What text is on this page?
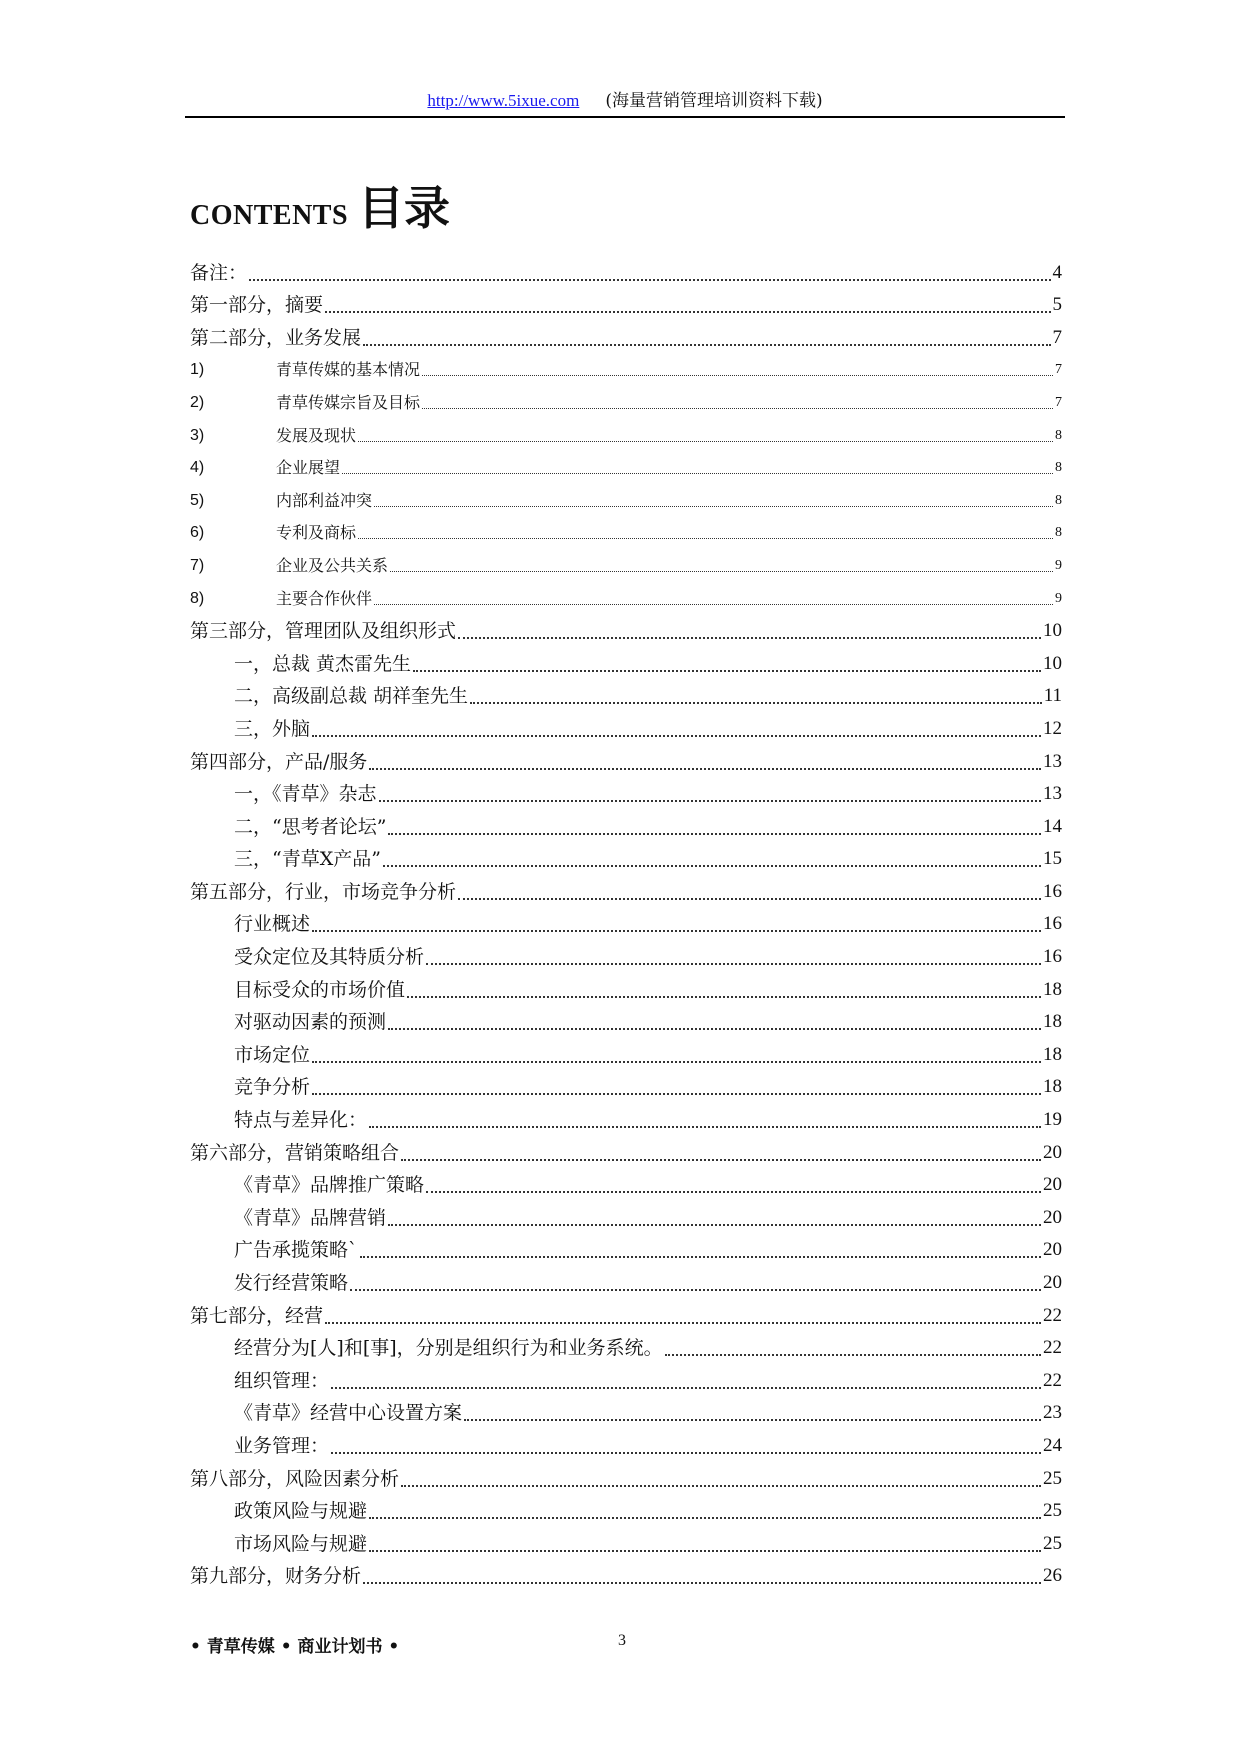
http://www.5ixue.com (海量营销管理培训资料下载)
CONTENTS 目录
备注：	4
第一部分，摘要	5
第二部分，业务发展	7
1)	青草传媒的基本情况	7
2)	青草传媒宗旨及目标	7
3)	发展及现状	8
4)	企业展望	8
5)	内部利益冲突	8
6)	专利及商标	8
7)	企业及公共关系	9
8)	主要合作伙伴	9
第三部分，管理团队及组织形式	10
一，总裁 黄杰雷先生	10
二，高级副总裁 胡祥奎先生	11
三，外脑	12
第四部分，产品/服务	13
一，《青草》杂志	13
二，“思考者论坛”	14
三，“青草X产品”	15
第五部分，行业，市场竞争分析	16
行业概述	16
受众定位及其特质分析	16
目标受众的市场价值	18
对驱动因素的预测	18
市场定位	18
竞争分析	18
特点与差异化：	19
第六部分，营销策略组合	20
《青草》品牌推广策略	20
《青草》品牌营销	20
广告承揽策略`	20
发行经营策略	20
第七部分，经营	22
经营分为[人]和[事]，分别是组织行为和业务系统。	22
组织管理：	22
《青草》经营中心设置方案	23
业务管理：	24
第八部分，风险因素分析	25
政策风险与规避	25
市场风险与规避	25
第九部分，财务分析	26
• 青草传媒 • 商业计划书 •	3
